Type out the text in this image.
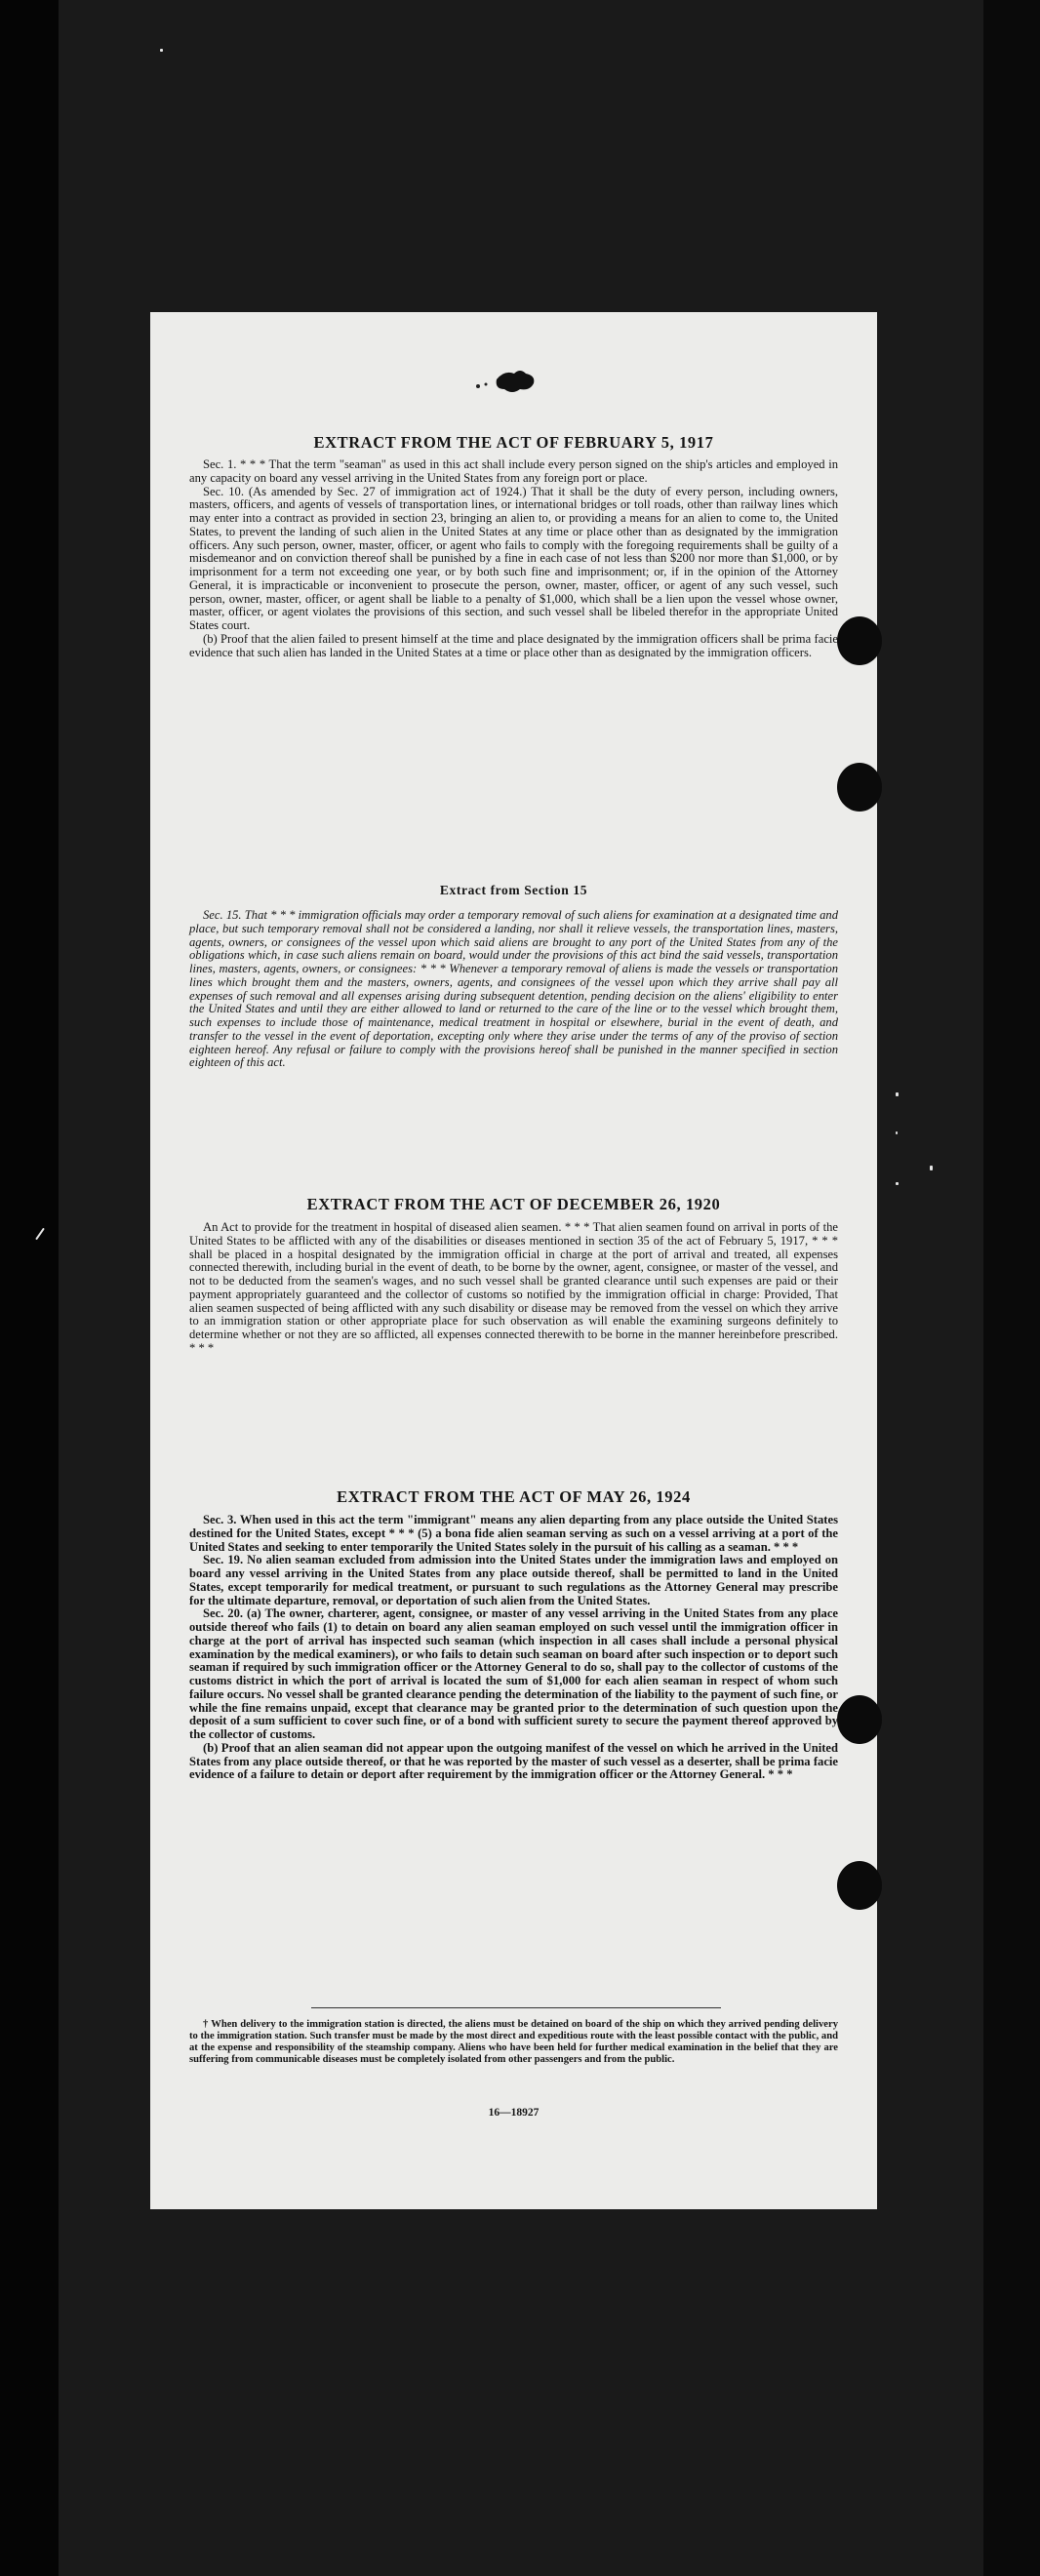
EXTRACT FROM THE ACT OF FEBRUARY 5, 1917

Sec. 1. * * * That the term "seaman" as used in this act shall include every person signed on the ship's articles and employed in any capacity on board any vessel arriving in the United States from any foreign port or place.

Sec. 10. (As amended by Sec. 27 of immigration act of 1924.) That it shall be the duty of every person, including owners, masters, officers, and agents of vessels of transportation lines, or international bridges or toll roads, other than railway lines which may enter into a contract as provided in section 23, bringing an alien to, or providing a means for an alien to come to, the United States, to prevent the landing of such alien in the United States at any time or place other than as designated by the immigration officers. Any such person, owner, master, officer, or agent who fails to comply with the foregoing requirements shall be guilty of a misdemeanor and on conviction thereof shall be punished by a fine in each case of not less than $200 nor more than $1,000, or by imprisonment for a term not exceeding one year, or by both such fine and imprisonment; or, if in the opinion of the Attorney General, it is impracticable or inconvenient to prosecute the person, owner, master, officer, or agent of any such vessel, such person, owner, master, officer, or agent shall be liable to a penalty of $1,000, which shall be a lien upon the vessel whose owner, master, officer, or agent violates the provisions of this section, and such vessel shall be libeled therefor in the appropriate United States court.

(b) Proof that the alien failed to present himself at the time and place designated by the immigration officers shall be prima facie evidence that such alien has landed in the United States at a time or place other than as designated by the immigration officers.

Extract from Section 15

Sec. 15. That * * * immigration officials may order a temporary removal of such aliens for examination at a designated time and place, but such temporary removal shall not be considered a landing, nor shall it relieve vessels, the transportation lines, masters, agents, owners, or consignees of the vessel upon which said aliens are brought to any port of the United States from any of the obligations which, in case such aliens remain on board, would under the provisions of this act bind the said vessels, transportation lines, masters, agents, owners, or consignees: * * * Whenever a temporary removal of aliens is made the vessels or transportation lines which brought them and the masters, owners, agents, and consignees of the vessel upon which they arrive shall pay all expenses of such removal and all expenses arising during subsequent detention, pending decision on the aliens' eligibility to enter the United States and until they are either allowed to land or returned to the care of the line or to the vessel which brought them, such expenses to include those of maintenance, medical treatment in hospital or elsewhere, burial in the event of death, and transfer to the vessel in the event of deportation, excepting only where they arise under the terms of any of the proviso of section eighteen hereof. Any refusal or failure to comply with the provisions hereof shall be punished in the manner specified in section eighteen of this act.

EXTRACT FROM THE ACT OF DECEMBER 26, 1920

An Act to provide for the treatment in hospital of diseased alien seamen. * * * That alien seamen found on arrival in ports of the United States to be afflicted with any of the disabilities or diseases mentioned in section 35 of the act of February 5, 1917, * * * shall be placed in a hospital designated by the immigration official in charge at the port of arrival and treated, all expenses connected therewith, including burial in the event of death, to be borne by the owner, agent, consignee, or master of the vessel, and not to be deducted from the seamen's wages, and no such vessel shall be granted clearance until such expenses are paid or their payment appropriately guaranteed and the collector of customs so notified by the immigration official in charge: Provided, That alien seamen suspected of being afflicted with any such disability or disease may be removed from the vessel on which they arrive to an immigration station or other appropriate place for such observation as will enable the examining surgeons definitely to determine whether or not they are so afflicted, all expenses connected therewith to be borne in the manner hereinbefore prescribed. * * *

EXTRACT FROM THE ACT OF MAY 26, 1924

Sec. 3. When used in this act the term "immigrant" means any alien departing from any place outside the United States destined for the United States, except * * * (5) a bona fide alien seaman serving as such on a vessel arriving at a port of the United States and seeking to enter temporarily the United States solely in the pursuit of his calling as a seaman. * * *

Sec. 19. No alien seaman excluded from admission into the United States under the immigration laws and employed on board any vessel arriving in the United States from any place outside thereof, shall be permitted to land in the United States, except temporarily for medical treatment, or pursuant to such regulations as the Attorney General may prescribe for the ultimate departure, removal, or deportation of such alien from the United States.

Sec. 20. (a) The owner, charterer, agent, consignee, or master of any vessel arriving in the United States from any place outside thereof who fails (1) to detain on board any alien seaman employed on such vessel until the immigration officer in charge at the port of arrival has inspected such seaman (which inspection in all cases shall include a personal physical examination by the medical examiners), or who fails to detain such seaman on board after such inspection or to deport such seaman if required by such immigration officer or the Attorney General to do so, shall pay to the collector of customs of the customs district in which the port of arrival is located the sum of $1,000 for each alien seaman in respect of whom such failure occurs. No vessel shall be granted clearance pending the determination of the liability to the payment of such fine, or while the fine remains unpaid, except that clearance may be granted prior to the determination of such question upon the deposit of a sum sufficient to cover such fine, or of a bond with sufficient surety to secure the payment thereof approved by the collector of customs.

(b) Proof that an alien seaman did not appear upon the outgoing manifest of the vessel on which he arrived in the United States from any place outside thereof, or that he was reported by the master of such vessel as a deserter, shall be prima facie evidence of a failure to detain or deport after requirement by the immigration officer or the Attorney General. * * *

† When delivery to the immigration station is directed, the aliens must be detained on board of the ship on which they arrived pending delivery to the immigration station. Such transfer must be made by the most direct and expeditious route with the least possible contact with the public, and at the expense and responsibility of the steamship company. Aliens who have been held for further medical examination in the belief that they are suffering from communicable diseases must be completely isolated from other passengers and from the public.

16—18927
